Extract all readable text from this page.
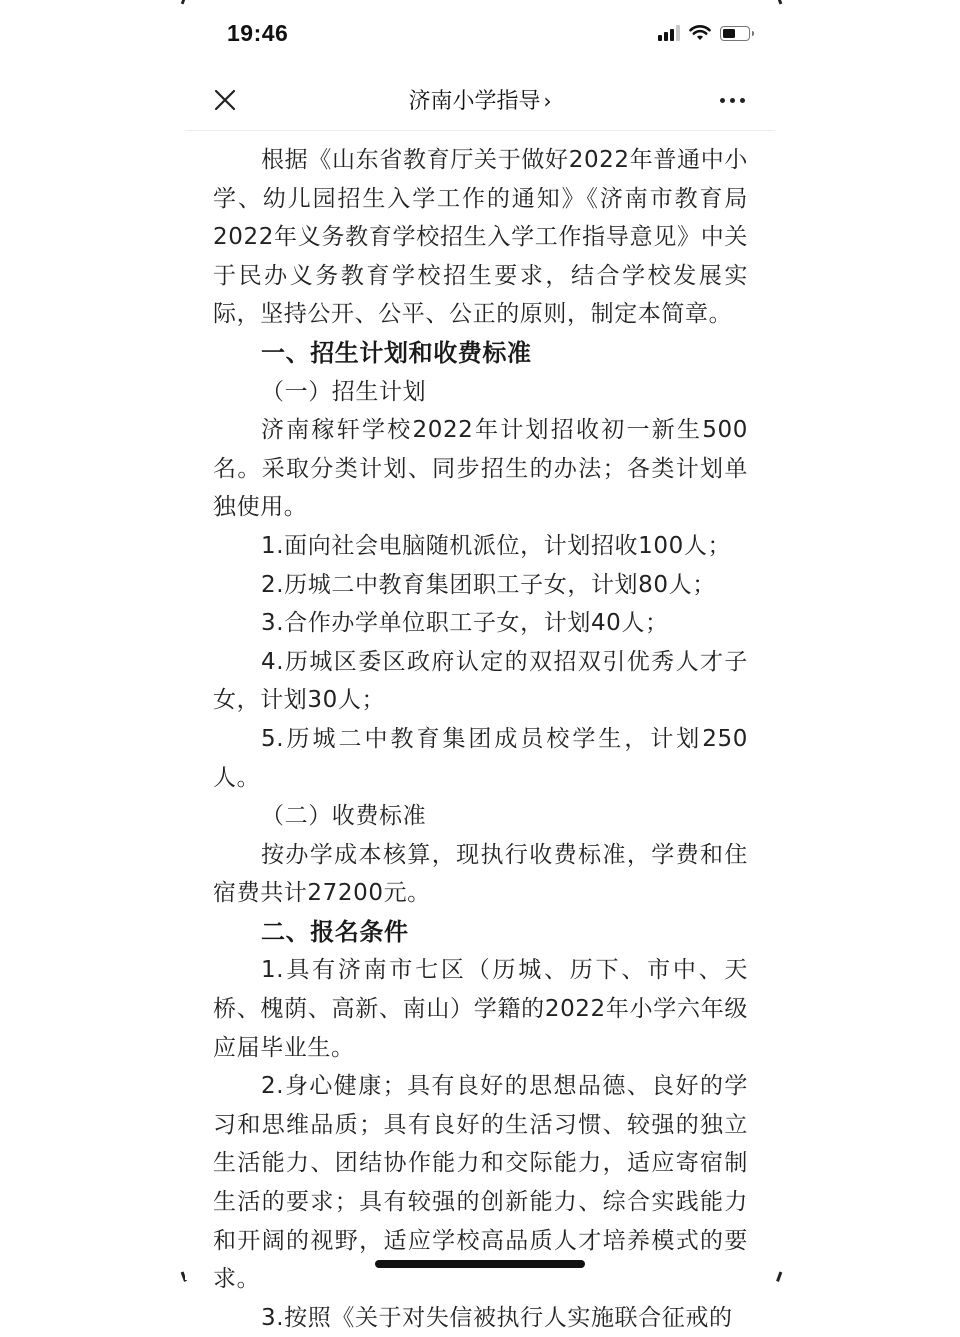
19:46
济南小学指导 ›

根据《山东省教育厅关于做好2022年普通中小学、幼儿园招生入学工作的通知》《济南市教育局2022年义务教育学校招生入学工作指导意见》中关于民办义务教育学校招生要求，结合学校发展实际，坚持公开、公平、公正的原则，制定本简章。

一、招生计划和收费标准

（一）招生计划

济南稼轩学校2022年计划招收初一新生500名。采取分类计划、同步招生的办法；各类计划单独使用。

1.面向社会电脑随机派位，计划招收100人；

2.历城二中教育集团职工子女，计划80人；

3.合作办学单位职工子女，计划40人；

4.历城区委区政府认定的双招双引优秀人才子女，计划30人；

5.历城二中教育集团成员校学生，计划250人。

（二）收费标准

按办学成本核算，现执行收费标准，学费和住宿费共计27200元。

二、报名条件

1.具有济南市七区（历城、历下、市中、天桥、槐荫、高新、南山）学籍的2022年小学六年级应届毕业生。

2.身心健康；具有良好的思想品德、良好的学习和思维品质；具有良好的生活习惯、较强的独立生活能力、团结协作能力和交际能力，适应寄宿制生活的要求；具有较强的创新能力、综合实践能力和开阔的视野，适应学校高品质人才培养模式的要求。

3.按照《关于对失信被执行人实施联合征戒的
